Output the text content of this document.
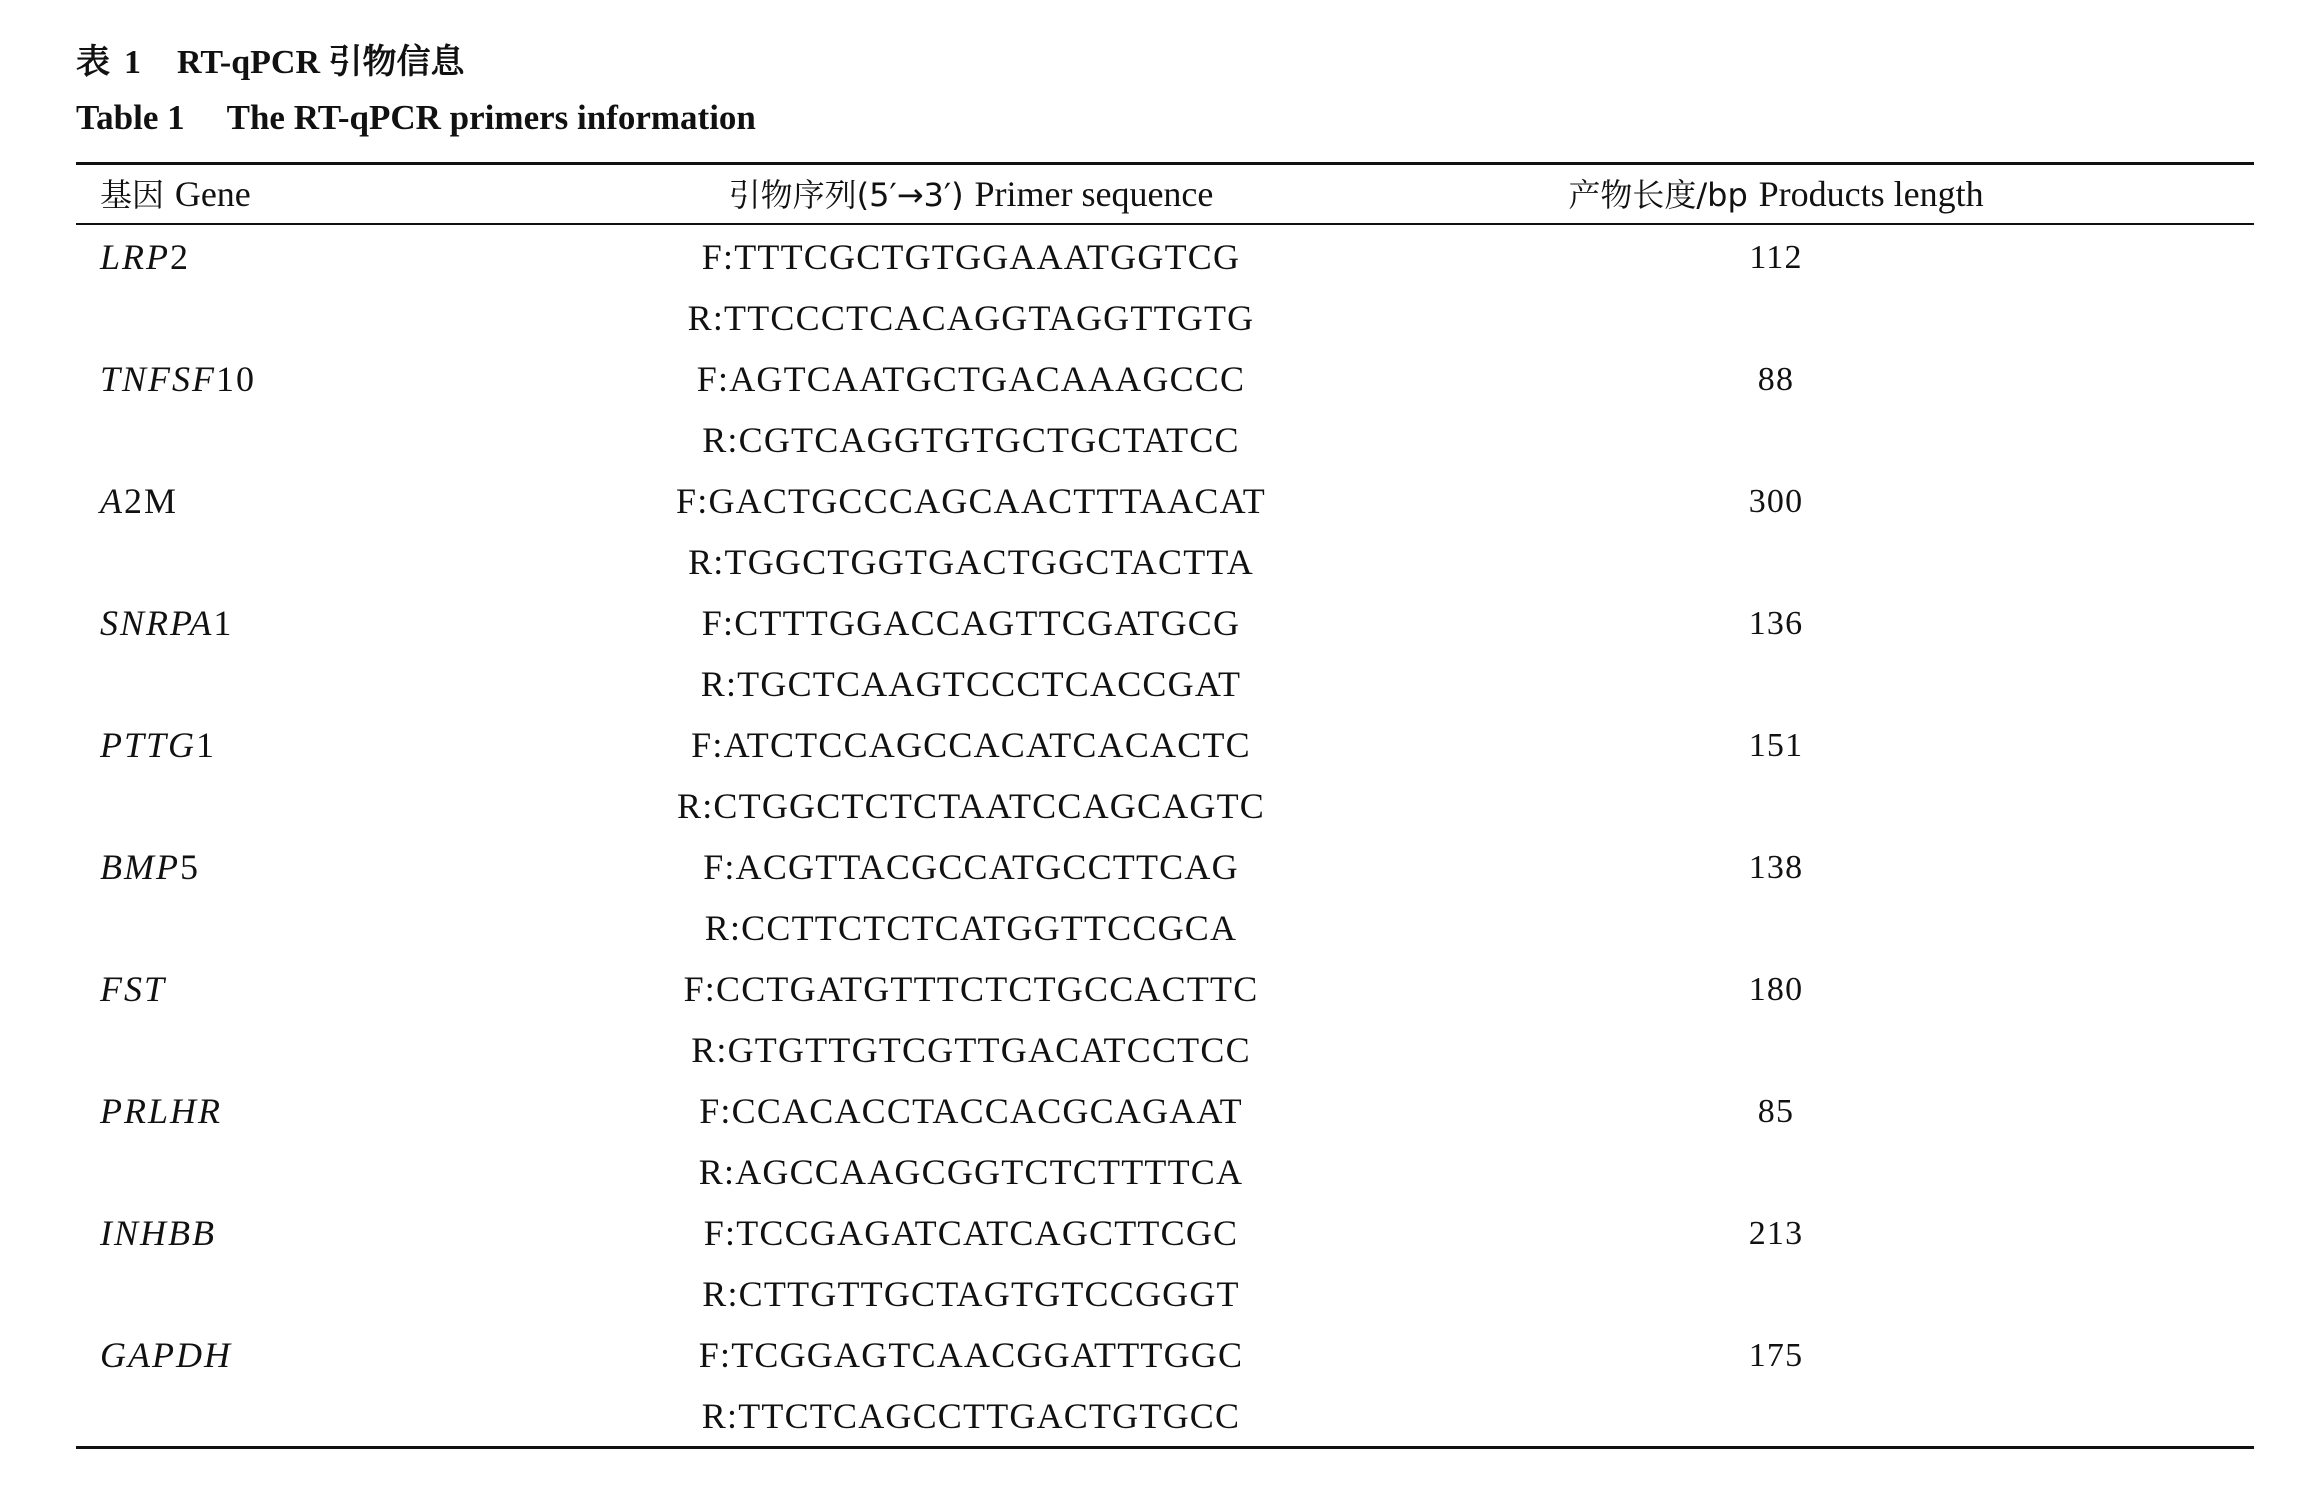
表 1 RT-qPCR 引物信息
Table 1 The RT-qPCR primers information
基因 Gene	引物序列(5′→3′) Primer sequence	产物长度/bp Products length
LRP2	F:TTTCGCTGTGGAAATGGTCG	112
R:TTCCCTCACAGGTAGGTTGTG
TNFSF10	F:AGTCAATGCTGACAAAGCCC	88
R:CGTCAGGTGTGCTGCTATCC
A2M	F:GACTGCCCAGCAACTTTAACAT	300
R:TGGCTGGTGACTGGCTACTTA
SNRPA1	F:CTTTGGACCAGTTCGATGCG	136
R:TGCTCAAGTCCCTCACCGAT
PTTG1	F:ATCTCCAGCCACATCACACTC	151
R:CTGGCTCTCTAATCCAGCAGTC
BMP5	F:ACGTTACGCCATGCCTTCAG	138
R:CCTTCTCTCATGGTTCCGCA
FST	F:CCTGATGTTTCTCTGCCACTTC	180
R:GTGTTGTCGTTGACATCCTCC
PRLHR	F:CCACACCTACCACGCAGAAT	85
R:AGCCAAGCGGTCTCTTTTCA
INHBB	F:TCCGAGATCATCAGCTTCGC	213
R:CTTGTTGCTAGTGTCCGGGT
GAPDH	F:TCGGAGTCAACGGATTTGGC	175
R:TTCTCAGCCTTGACTGTGCC
